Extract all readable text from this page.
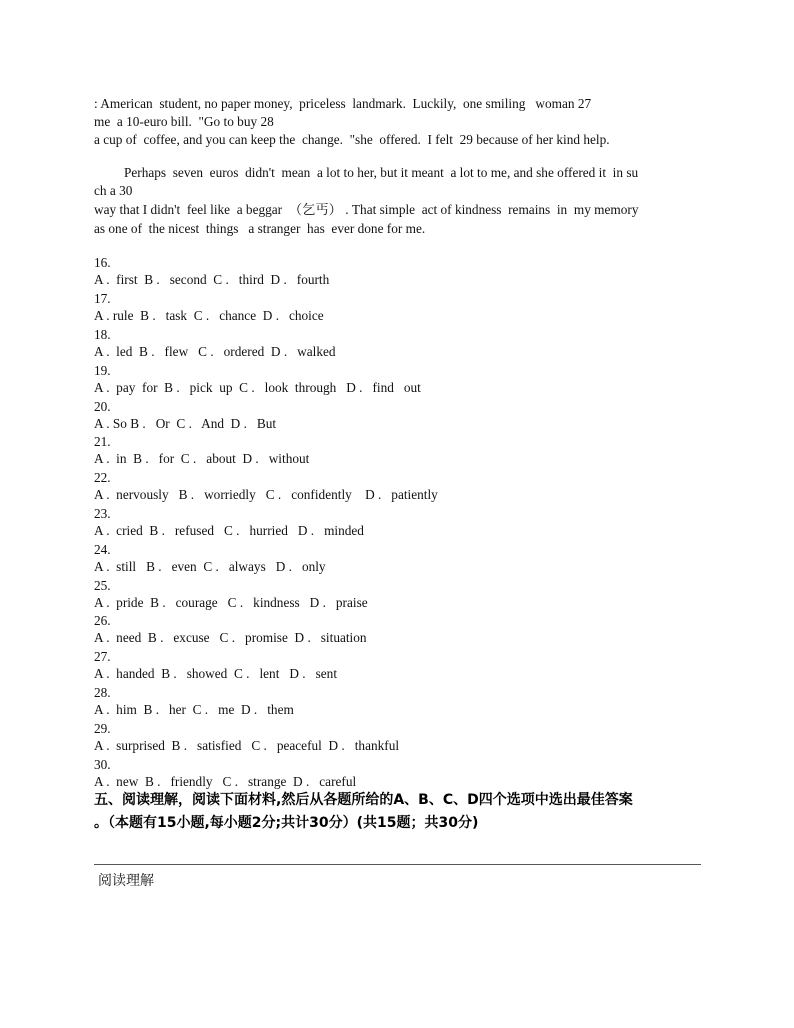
: American  student, no paper money,  priceless  landmark.  Luckily,  one smiling   woman 27
me  a 10-euro bill.  "Go to buy 28
a cup of  coffee, and you can keep the  change.  "she  offered.  I felt  29 because of her kind help.
Perhaps  seven  euros  didn't  mean  a lot to her, but it meant  a lot to me, and she offered it  in su
ch a 30
way that I didn't  feel like  a beggar  （乞丐） . That simple  act of kindness  remains  in  my memory
as one of  the nicest  things   a stranger  has  ever done for me.
16.
A .  first  B .   second  C .   third  D .   fourth
17.
A . rule  B .   task  C .   chance  D .   choice
18.
A .  led  B .   flew   C .   ordered  D .   walked
19.
A .  pay  for  B .   pick  up  C .   look  through   D .   find   out
20.
A . So B .   Or  C .   And  D .   But
21.
A .  in  B .   for  C .   about  D .   without
22.
A .  nervously   B .   worriedly   C .   confidently    D .   patiently
23.
A .  cried  B .   refused   C .   hurried   D .   minded
24.
A .  still   B .   even  C .   always   D .   only
25.
A .  pride  B .   courage   C .   kindness   D .   praise
26.
A .  need  B .   excuse   C .   promise  D .   situation
27.
A .  handed  B .   showed  C .   lent   D .   sent
28.
A .  him  B .   her  C .   me  D .   them
29.
A .  surprised  B .   satisfied   C .   peaceful  D .   thankful
30.
A .  new  B .   friendly   C .   strange  D .   careful
五、阅读理解，阅读下面材料,然后从各题所给的A、B、C、D四个选项中选出最佳答案
。（本题有15小题,每小题2分;共计30分）(共15题；共30分)
阅读理解
